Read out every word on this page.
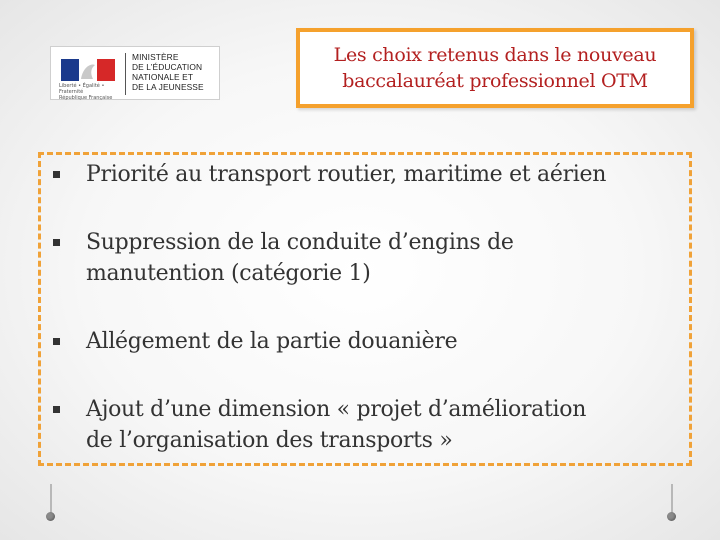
Liberté • Égalité • Fraternité
République Française
MINISTÈRE
DE L’ÉDUCATION
NATIONALE ET
DE LA JEUNESSE
Les choix retenus dans le nouveau
baccalauréat professionnel OTM
Priorité au transport routier, maritime et aérien
Suppression de la conduite d’engins de
manutention (catégorie 1)
Allégement de la partie douanière
Ajout d’une dimension « projet d’amélioration
de l’organisation des transports »
